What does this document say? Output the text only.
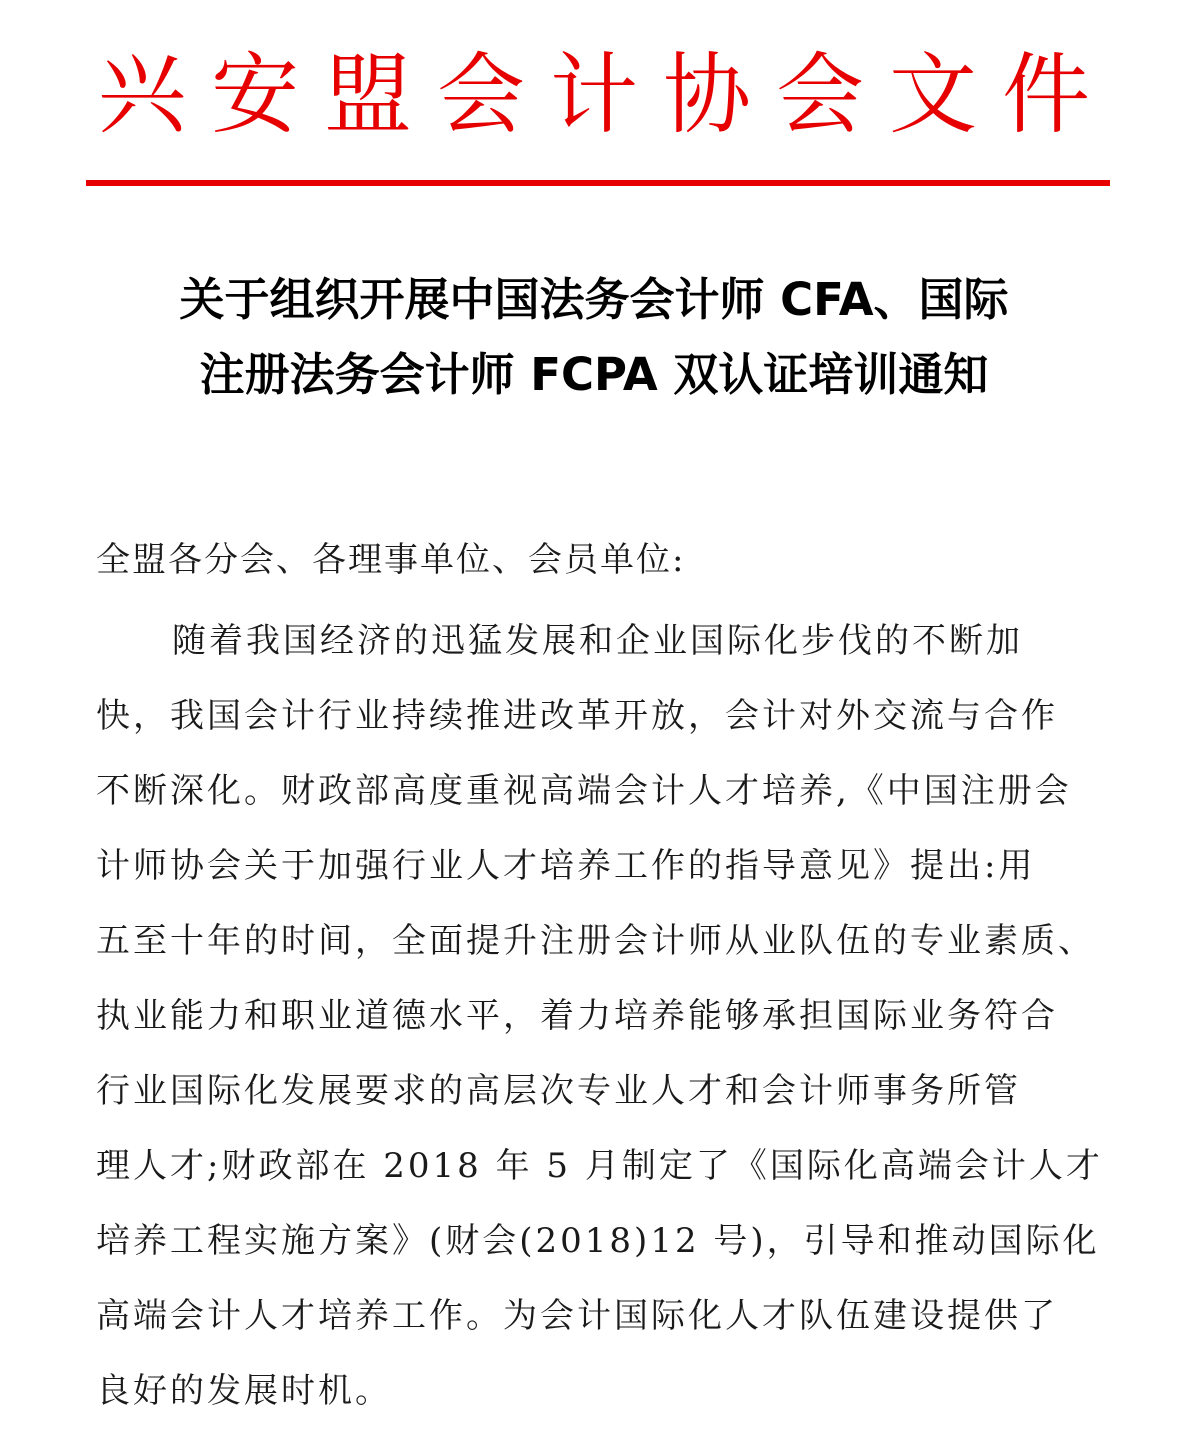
兴安盟会计协会文件
关于组织开展中国法务会计师 CFA、国际
注册法务会计师 FCPA 双认证培训通知
全盟各分会、各理事单位、会员单位:
随着我国经济的迅猛发展和企业国际化步伐的不断加
快，我国会计行业持续推进改革开放，会计对外交流与合作
不断深化。财政部高度重视高端会计人才培养,《中国注册会
计师协会关于加强行业人才培养工作的指导意见》提出:用
五至十年的时间，全面提升注册会计师从业队伍的专业素质、
执业能力和职业道德水平，着力培养能够承担国际业务符合
行业国际化发展要求的高层次专业人才和会计师事务所管
理人才;财政部在 2018 年 5 月制定了《国际化高端会计人才
培养工程实施方案》(财会(2018)12 号)，引导和推动国际化
高端会计人才培养工作。为会计国际化人才队伍建设提供了
良好的发展时机。
